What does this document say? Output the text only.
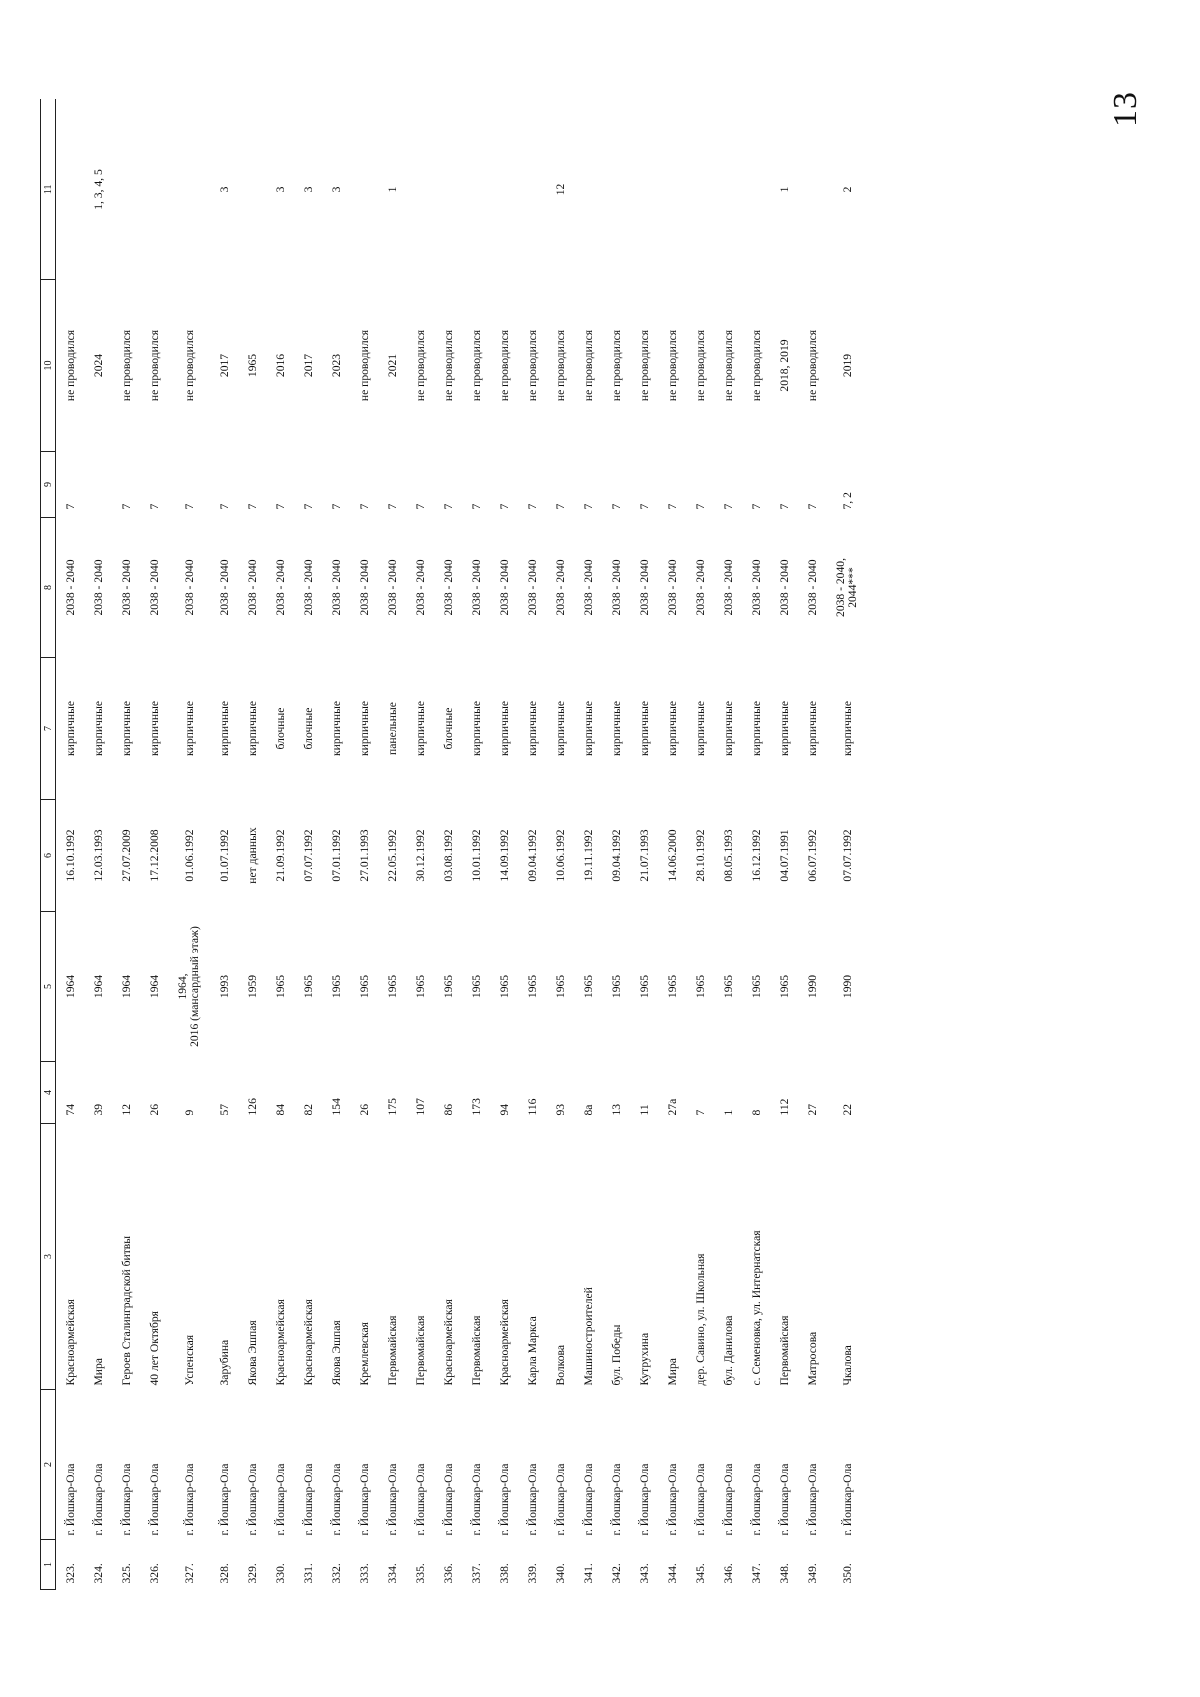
13
1	2	3	4	5	6	7	8	9	10	11
323.	г. Йошкар-Ола	Красноармейская	74	1964	16.10.1992	кирпичные	2038 - 2040	7	не проводился	
324.	г. Йошкар-Ола	Мира	39	1964	12.03.1993	кирпичные	2038 - 2040		2024	1, 3, 4, 5
325.	г. Йошкар-Ола	Героев Сталинградской битвы	12	1964	27.07.2009	кирпичные	2038 - 2040	7	не проводился	
326.	г. Йошкар-Ола	40 лет Октября	26	1964	17.12.2008	кирпичные	2038 - 2040	7	не проводился	
327.	г. Йошкар-Ола	Успенская	9	1964, 2016 (мансардный этаж)	01.06.1992	кирпичные	2038 - 2040	7	не проводился	
328.	г. Йошкар-Ола	Зарубина	57	1993	01.07.1992	кирпичные	2038 - 2040	7	2017	3
329.	г. Йошкар-Ола	Якова Эшпая	126	1959	нет данных	кирпичные	2038 - 2040	7	1965	
330.	г. Йошкар-Ола	Красноармейская	84	1965	21.09.1992	блочные	2038 - 2040	7	2016	3
331.	г. Йошкар-Ола	Красноармейская	82	1965	07.07.1992	блочные	2038 - 2040	7	2017	3
332.	г. Йошкар-Ола	Якова Эшпая	154	1965	07.01.1992	кирпичные	2038 - 2040	7	2023	3
333.	г. Йошкар-Ола	Кремлевская	26	1965	27.01.1993	кирпичные	2038 - 2040	7	не проводился	
334.	г. Йошкар-Ола	Первомайская	175	1965	22.05.1992	панельные	2038 - 2040	7	2021	1
335.	г. Йошкар-Ола	Первомайская	107	1965	30.12.1992	кирпичные	2038 - 2040	7	не проводился	
336.	г. Йошкар-Ола	Красноармейская	86	1965	03.08.1992	блочные	2038 - 2040	7	не проводился	
337.	г. Йошкар-Ола	Первомайская	173	1965	10.01.1992	кирпичные	2038 - 2040	7	не проводился	
338.	г. Йошкар-Ола	Красноармейская	94	1965	14.09.1992	кирпичные	2038 - 2040	7	не проводился	
339.	г. Йошкар-Ола	Карла Маркса	116	1965	09.04.1992	кирпичные	2038 - 2040	7	не проводился	
340.	г. Йошкар-Ола	Волкова	93	1965	10.06.1992	кирпичные	2038 - 2040	7	не проводился	12
341.	г. Йошкар-Ола	Машиностроителей	8а	1965	19.11.1992	кирпичные	2038 - 2040	7	не проводился	
342.	г. Йошкар-Ола	бул. Победы	13	1965	09.04.1992	кирпичные	2038 - 2040	7	не проводился	
343.	г. Йошкар-Ола	Кутрухина	11	1965	21.07.1993	кирпичные	2038 - 2040	7	не проводился	
344.	г. Йошкар-Ола	Мира	27а	1965	14.06.2000	кирпичные	2038 - 2040	7	не проводился	
345.	г. Йошкар-Ола	дер. Савино, ул. Школьная	7	1965	28.10.1992	кирпичные	2038 - 2040	7	не проводился	
346.	г. Йошкар-Ола	бул. Данилова	1	1965	08.05.1993	кирпичные	2038 - 2040	7	не проводился	
347.	г. Йошкар-Ола	с. Семеновка, ул. Интернатская	8	1965	16.12.1992	кирпичные	2038 - 2040	7	не проводился	
348.	г. Йошкар-Ола	Первомайская	112	1965	04.07.1991	кирпичные	2038 - 2040	7	2018, 2019	1
349.	г. Йошкар-Ола	Матросова	27	1990	06.07.1992	кирпичные	2038 - 2040	7	не проводился	
350.	г. Йошкар-Ола	Чкалова	22	1990	07.07.1992	кирпичные	2038 - 2040, 2044***	7, 2	2019	2
